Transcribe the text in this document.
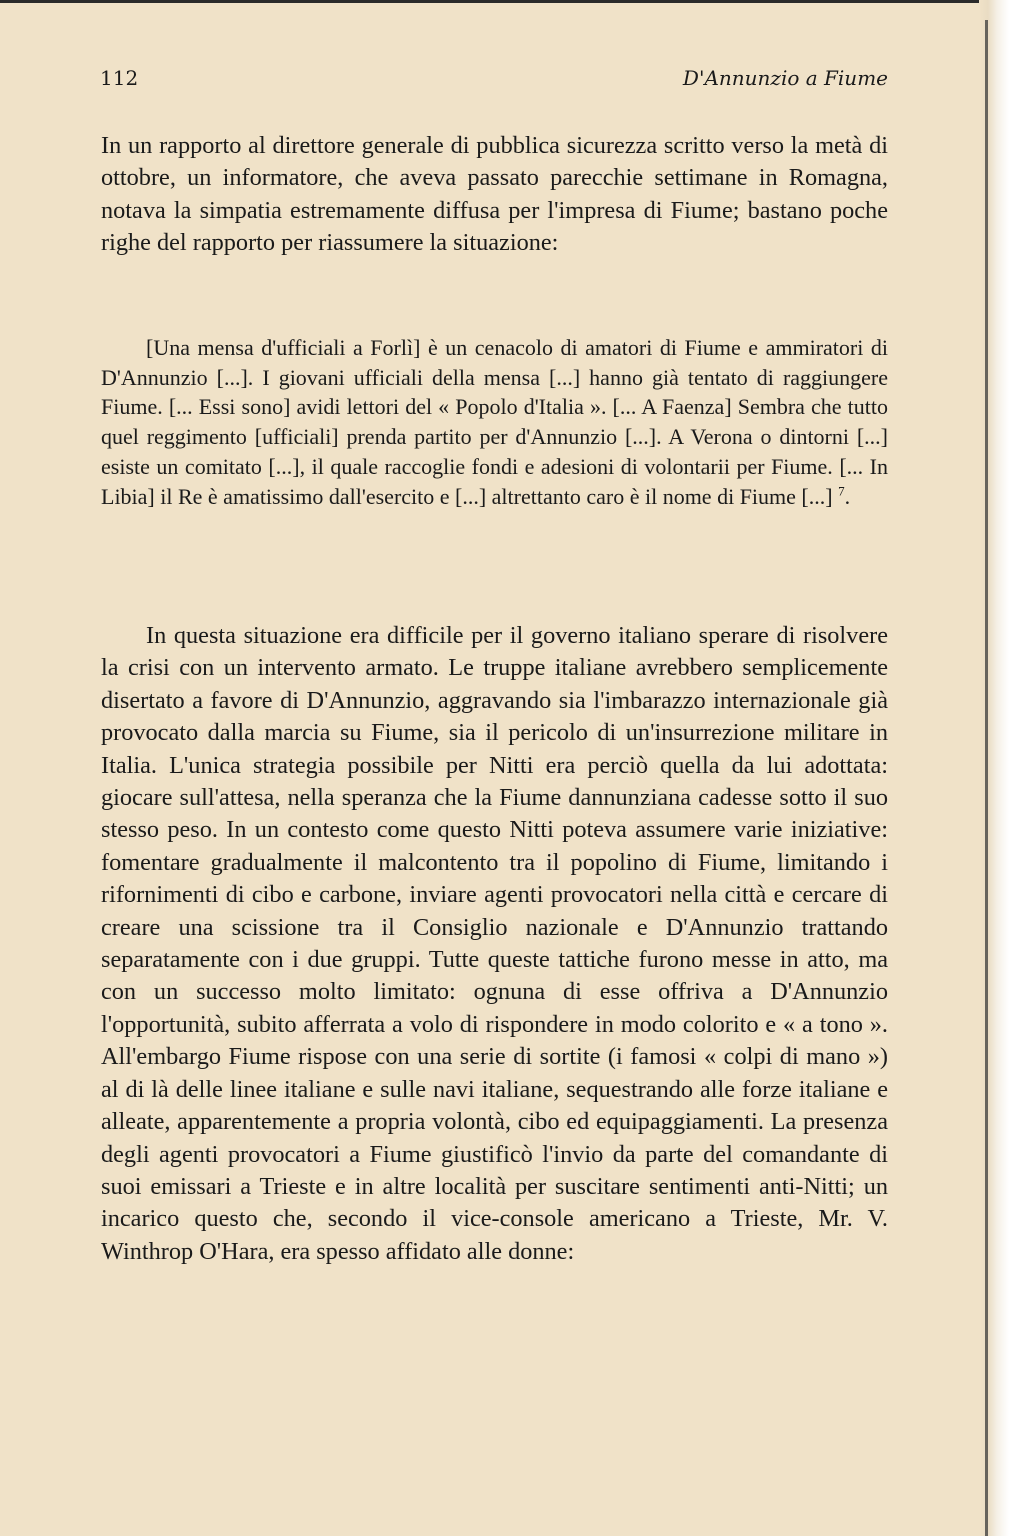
112	D'Annunzio a Fiume

In un rapporto al direttore generale di pubblica sicurezza scritto verso la metà di ottobre, un informatore, che aveva passato parecchie settimane in Romagna, notava la simpatia estremamente diffusa per l'impresa di Fiume; bastano poche righe del rapporto per riassumere la situazione:

[Una mensa d'ufficiali a Forlì] è un cenacolo di amatori di Fiume e ammiratori di D'Annunzio [...]. I giovani ufficiali della mensa [...] hanno già tentato di raggiungere Fiume. [... Essi sono] avidi lettori del « Popolo d'Italia ». [... A Faenza] Sembra che tutto quel reggimento [ufficiali] prenda partito per d'Annunzio [...]. A Verona o dintorni [...] esiste un comitato [...], il quale raccoglie fondi e adesioni di volontarii per Fiume. [... In Libia] il Re è amatissimo dall'esercito e [...] altrettanto caro è il nome di Fiume [...] $^7$.

In questa situazione era difficile per il governo italiano sperare di risolvere la crisi con un intervento armato. Le truppe italiane avrebbero semplicemente disertato a favore di D'Annunzio, aggravando sia l'imbarazzo internazionale già provocato dalla marcia su Fiume, sia il pericolo di un'insurrezione militare in Italia. L'unica strategia possibile per Nitti era perciò quella da lui adottata: giocare sull'attesa, nella speranza che la Fiume dannunziana cadesse sotto il suo stesso peso. In un contesto come questo Nitti poteva assumere varie iniziative: fomentare gradualmente il malcontento tra il popolino di Fiume, limitando i rifornimenti di cibo e carbone, inviare agenti provocatori nella città e cercare di creare una scissione tra il Consiglio nazionale e D'Annunzio trattando separatamente con i due gruppi. Tutte queste tattiche furono messe in atto, ma con un successo molto limitato: ognuna di esse offriva a D'Annunzio l'opportunità, subito afferrata a volo di rispondere in modo colorito e « a tono ». All'embargo Fiume rispose con una serie di sortite (i famosi « colpi di mano ») al di là delle linee italiane e sulle navi italiane, sequestrando alle forze italiane e alleate, apparentemente a propria volontà, cibo ed equipaggiamenti. La presenza degli agenti provocatori a Fiume giustificò l'invio da parte del comandante di suoi emissari a Trieste e in altre località per suscitare sentimenti anti-Nitti; un incarico questo che, secondo il vice-console americano a Trieste, Mr. V. Winthrop O'Hara, era spesso affidato alle donne:
